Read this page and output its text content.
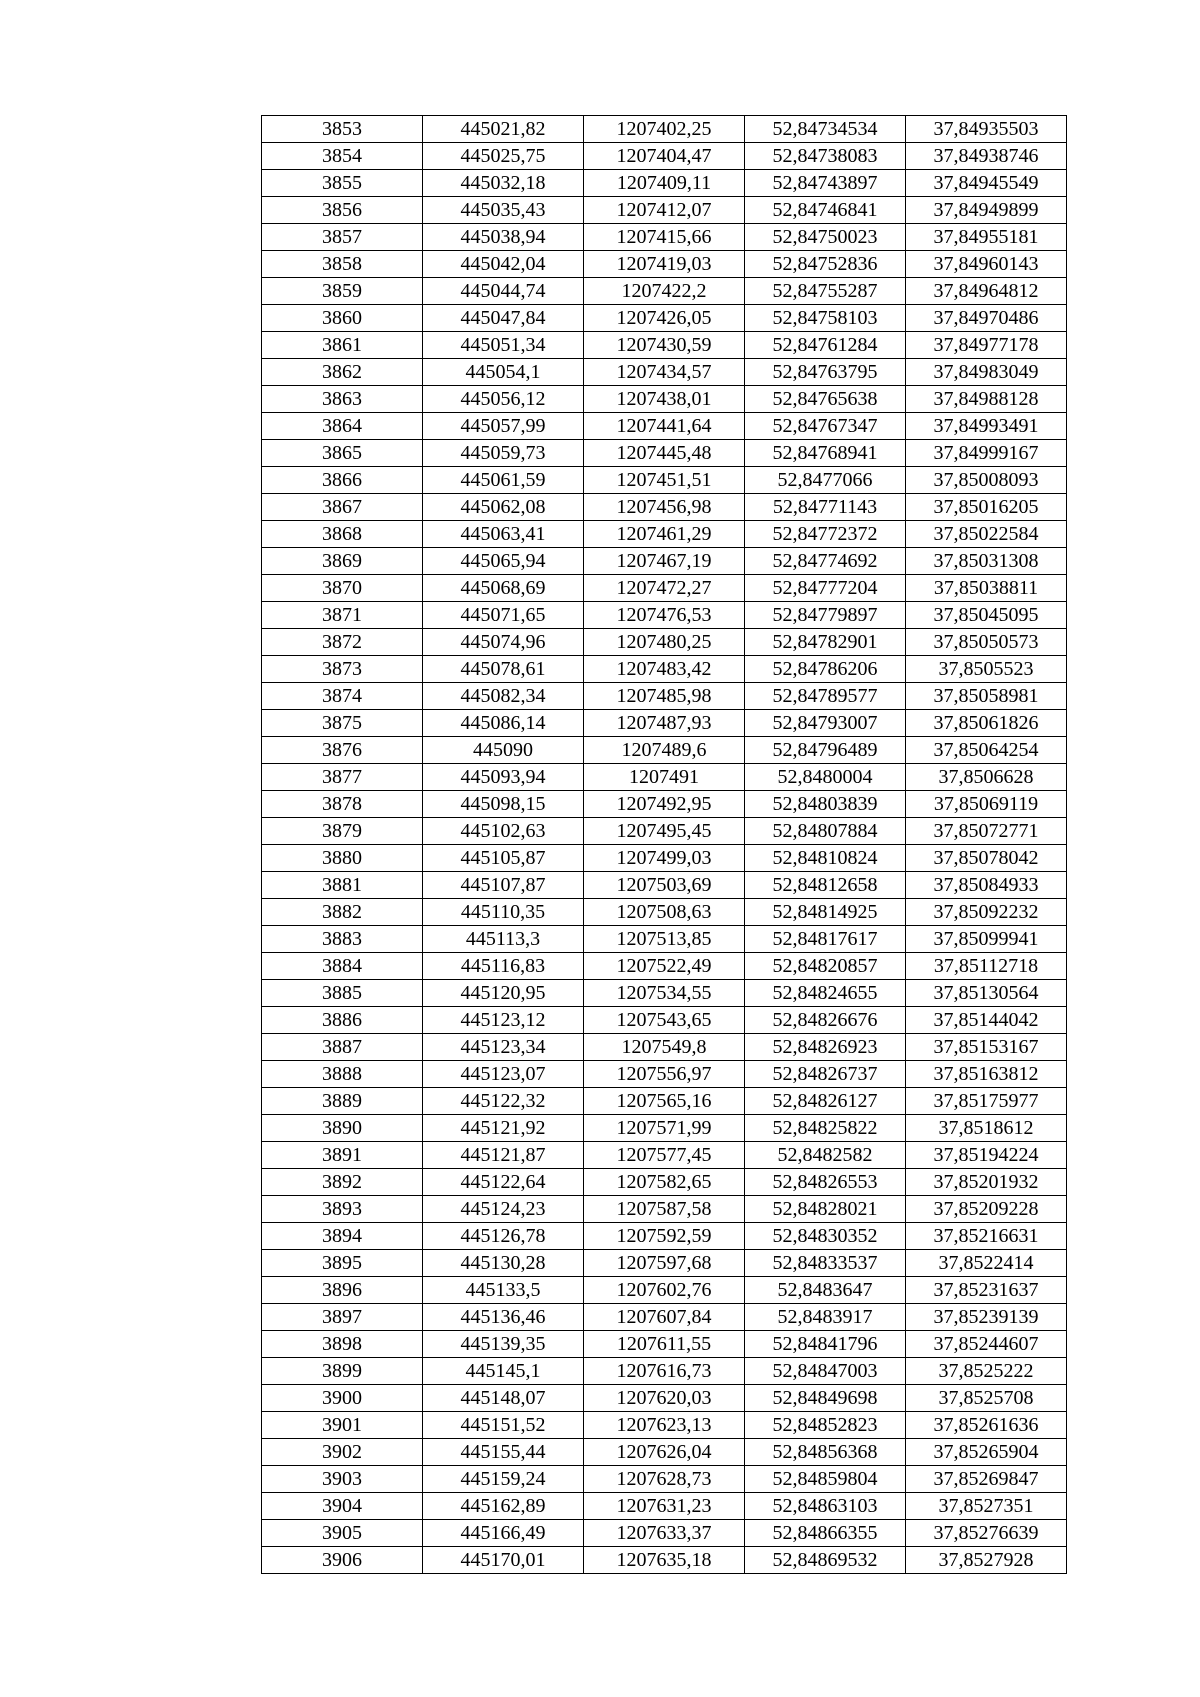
3853	445021,82	1207402,25	52,84734534	37,84935503
3854	445025,75	1207404,47	52,84738083	37,84938746
3855	445032,18	1207409,11	52,84743897	37,84945549
3856	445035,43	1207412,07	52,84746841	37,84949899
3857	445038,94	1207415,66	52,84750023	37,84955181
3858	445042,04	1207419,03	52,84752836	37,84960143
3859	445044,74	1207422,2	52,84755287	37,84964812
3860	445047,84	1207426,05	52,84758103	37,84970486
3861	445051,34	1207430,59	52,84761284	37,84977178
3862	445054,1	1207434,57	52,84763795	37,84983049
3863	445056,12	1207438,01	52,84765638	37,84988128
3864	445057,99	1207441,64	52,84767347	37,84993491
3865	445059,73	1207445,48	52,84768941	37,84999167
3866	445061,59	1207451,51	52,8477066	37,85008093
3867	445062,08	1207456,98	52,84771143	37,85016205
3868	445063,41	1207461,29	52,84772372	37,85022584
3869	445065,94	1207467,19	52,84774692	37,85031308
3870	445068,69	1207472,27	52,84777204	37,85038811
3871	445071,65	1207476,53	52,84779897	37,85045095
3872	445074,96	1207480,25	52,84782901	37,85050573
3873	445078,61	1207483,42	52,84786206	37,8505523
3874	445082,34	1207485,98	52,84789577	37,85058981
3875	445086,14	1207487,93	52,84793007	37,85061826
3876	445090	1207489,6	52,84796489	37,85064254
3877	445093,94	1207491	52,8480004	37,8506628
3878	445098,15	1207492,95	52,84803839	37,85069119
3879	445102,63	1207495,45	52,84807884	37,85072771
3880	445105,87	1207499,03	52,84810824	37,85078042
3881	445107,87	1207503,69	52,84812658	37,85084933
3882	445110,35	1207508,63	52,84814925	37,85092232
3883	445113,3	1207513,85	52,84817617	37,85099941
3884	445116,83	1207522,49	52,84820857	37,85112718
3885	445120,95	1207534,55	52,84824655	37,85130564
3886	445123,12	1207543,65	52,84826676	37,85144042
3887	445123,34	1207549,8	52,84826923	37,85153167
3888	445123,07	1207556,97	52,84826737	37,85163812
3889	445122,32	1207565,16	52,84826127	37,85175977
3890	445121,92	1207571,99	52,84825822	37,8518612
3891	445121,87	1207577,45	52,8482582	37,85194224
3892	445122,64	1207582,65	52,84826553	37,85201932
3893	445124,23	1207587,58	52,84828021	37,85209228
3894	445126,78	1207592,59	52,84830352	37,85216631
3895	445130,28	1207597,68	52,84833537	37,8522414
3896	445133,5	1207602,76	52,8483647	37,85231637
3897	445136,46	1207607,84	52,8483917	37,85239139
3898	445139,35	1207611,55	52,84841796	37,85244607
3899	445145,1	1207616,73	52,84847003	37,8525222
3900	445148,07	1207620,03	52,84849698	37,8525708
3901	445151,52	1207623,13	52,84852823	37,85261636
3902	445155,44	1207626,04	52,84856368	37,85265904
3903	445159,24	1207628,73	52,84859804	37,85269847
3904	445162,89	1207631,23	52,84863103	37,8527351
3905	445166,49	1207633,37	52,84866355	37,85276639
3906	445170,01	1207635,18	52,84869532	37,8527928
